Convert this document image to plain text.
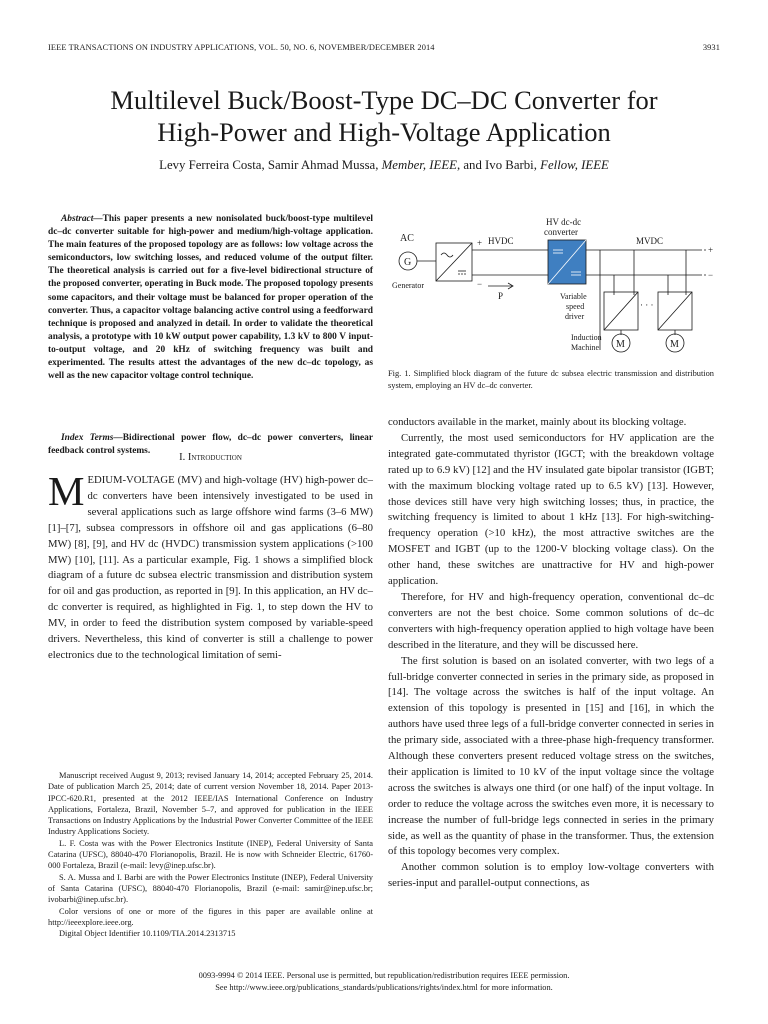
IEEE TRANSACTIONS ON INDUSTRY APPLICATIONS, VOL. 50, NO. 6, NOVEMBER/DECEMBER 2014	3931
Multilevel Buck/Boost-Type DC–DC Converter for
High-Power and High-Voltage Application
Levy Ferreira Costa, Samir Ahmad Mussa, Member, IEEE, and Ivo Barbi, Fellow, IEEE

Abstract—This paper presents a new nonisolated buck/boost-type multilevel dc–dc converter suitable for high-power and medium/high-voltage application. The main features of the proposed topology are as follows: low voltage across the semiconductors, low switching losses, and reduced volume of the output filter. The theoretical analysis is carried out for a five-level bidirectional structure of the proposed converter, operating in Buck mode. The proposed topology presents some capacitors, and their voltage must be balanced for proper operation of the converter. Thus, a capacitor voltage balancing active control using a feedforward technique is proposed and analyzed in detail. In order to validate the theoretical analysis, a prototype with 10 kW output power capability, 1.3 kV to 800 V input-to-output voltage, and 20 kHz of switching frequency was built and experimented. The results attest the advantages of the new dc–dc topology, as well as the new capacitor voltage control technique.

Index Terms—Bidirectional power flow, dc–dc power converters, linear feedback control systems.

I. Introduction

MEDIUM-VOLTAGE (MV) and high-voltage (HV) high-power dc–dc converters have been intensively investigated to be used in several applications such as large offshore wind farms (3–6 MW) [1]–[7], subsea compressors in offshore oil and gas applications (6–80 MW) [8], [9], and HV dc (HVDC) transmission system applications (>100 MW) [10], [11]. As a particular example, Fig. 1 shows a simplified block diagram of a future dc subsea electric transmission and distribution system for oil and gas production, as reported in [9]. In this application, an HV dc–dc converter is required, as highlighted in Fig. 1, to step down the HV to MV, in order to feed the distribution system composed by variable-speed drivers. Nevertheless, this kind of converter is still a challenge to power electronics due to the technological limitation of semi-

Manuscript received August 9, 2013; revised January 14, 2014; accepted February 25, 2014. Date of publication March 25, 2014; date of current version November 18, 2014. Paper 2013-IPCC-620.R1, presented at the 2012 IEEE/IAS International Conference on Industry Applications, Fortaleza, Brazil, November 5–7, and approved for publication in the IEEE Transactions on Industry Applications by the Industrial Power Converter Committee of the IEEE Industry Applications Society.

L. F. Costa was with the Power Electronics Institute (INEP), Federal University of Santa Catarina (UFSC), 88040-470 Florianopolis, Brazil. He is now with Schneider Electric, 61760-000 Fortaleza, Brazil (e-mail: levy@inep.ufsc.br).

S. A. Mussa and I. Barbi are with the Power Electronics Institute (INEP), Federal University of Santa Catarina (UFSC), 88040-470 Florianopolis, Brazil (e-mail: samir@inep.ufsc.br; ivobarbi@inep.ufsc.br).

Color versions of one or more of the figures in this paper are available online at http://ieeexplore.ieee.org.

Digital Object Identifier 10.1109/TIA.2014.2313715

AC
G
Generator
+
−
HVDC
P
HV dc-dc
converter
MVDC
+
−
Variable
speed
driver
· · ·
M	M
Induction
Machine
Fig. 1. Simplified block diagram of the future dc subsea electric transmission and distribution system, employing an HV dc–dc converter.

conductors available in the market, mainly about its blocking voltage.

Currently, the most used semiconductors for HV application are the integrated gate-commutated thyristor (IGCT; with the breakdown voltage rated up to 6.9 kV) [12] and the HV insulated gate bipolar transistor (IGBT; with the maximum blocking voltage rated up to 6.5 kV) [13]. However, those devices still have very high switching losses; thus, in practice, the switching frequency is limited to about 1 kHz [13]. For high-switching-frequency operation (>10 kHz), the most attractive switches are the MOSFET and IGBT (up to the 1200-V blocking voltage class). On the other hand, these switches are unattractive for HV and high-power application.

Therefore, for HV and high-frequency operation, conventional dc–dc converters are not the best choice. Some common solutions of dc–dc converters with high-frequency operation applied to high voltage have been described in the literature, and they will be discussed here.

The first solution is based on an isolated converter, with two legs of a full-bridge converter connected in series in the primary side, as proposed in [14]. The voltage across the switches is half of the input voltage. An extension of this topology is presented in [15] and [16], in which the authors have used three legs of a full-bridge converter connected in series in the primary side, associated with a three-phase high-frequency transformer. Although these converters present reduced voltage stress on the switches, their application is limited to 10 kV of the input voltage since the voltage across the switches is always one third (or one half) of the input voltage. In order to reduce the voltage across the switches even more, it is necessary to increase the number of full-bridge legs connected in series in the primary side, as well as the quantity of phase in the transformer. Thus, the extension of this topology becomes very complex.

Another common solution is to employ low-voltage converters with series-input and parallel-output connections, as

0093-9994 © 2014 IEEE. Personal use is permitted, but republication/redistribution requires IEEE permission.
See http://www.ieee.org/publications_standards/publications/rights/index.html for more information.
